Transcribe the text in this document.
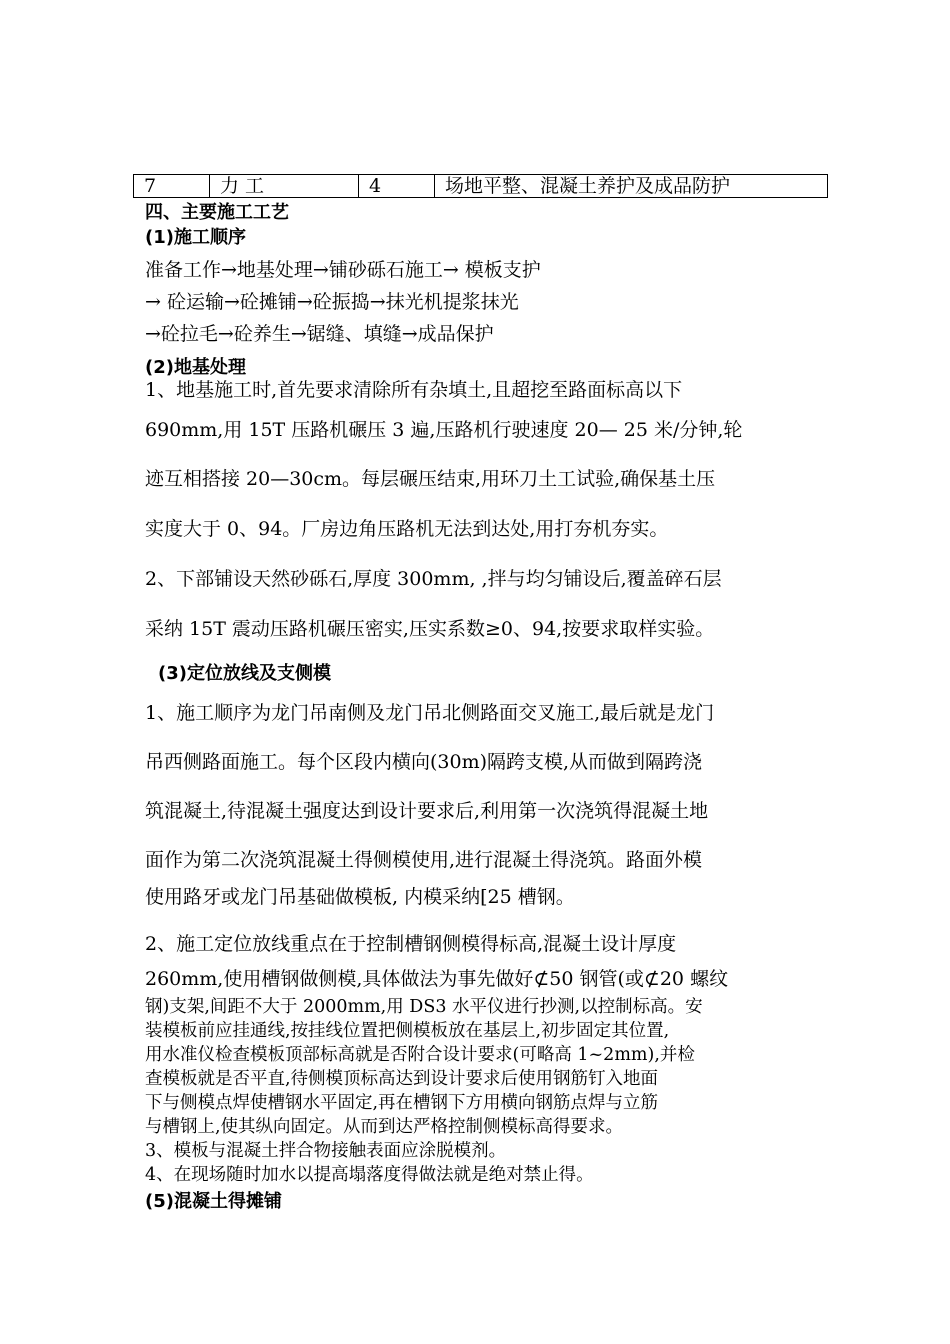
7	力 工	4	场地平整、混凝土养护及成品防护
四、主要施工工艺
(1)施工顺序
准备工作→地基处理→铺砂砾石施工→ 模板支护
→ 砼运输→砼摊铺→砼振捣→抹光机提浆抹光
→砼拉毛→砼养生→锯缝、填缝→成品保护
(2)地基处理
1、地基施工时,首先要求清除所有杂填土,且超挖至路面标高以下
690mm,用 15T 压路机碾压 3 遍,压路机行驶速度 20— 25 米/分钟,轮
迹互相搭接 20—30cm。每层碾压结束,用环刀土工试验,确保基土压
实度大于 0、94。厂房边角压路机无法到达处,用打夯机夯实。
2、下部铺设天然砂砾石,厚度 300mm, ,拌与均匀铺设后,覆盖碎石层
采纳 15T 震动压路机碾压密实,压实系数≥0、94,按要求取样实验。
(3)定位放线及支侧模
1、施工顺序为龙门吊南侧及龙门吊北侧路面交叉施工,最后就是龙门
吊西侧路面施工。每个区段内横向(30m)隔跨支模,从而做到隔跨浇
筑混凝土,待混凝土强度达到设计要求后,利用第一次浇筑得混凝土地
面作为第二次浇筑混凝土得侧模使用,进行混凝土得浇筑。路面外模
使用路牙或龙门吊基础做模板, 内模采纳[25 槽钢。
2、施工定位放线重点在于控制槽钢侧模得标高,混凝土设计厚度
260mm,使用槽钢做侧模,具体做法为事先做好⊄50 钢管(或⊄20 螺纹
钢)支架,间距不大于 2000mm,用 DS3 水平仪进行抄测,以控制标高。安
装模板前应挂通线,按挂线位置把侧模板放在基层上,初步固定其位置,
用水准仪检查模板顶部标高就是否附合设计要求(可略高 1~2mm),并检
查模板就是否平直,待侧模顶标高达到设计要求后使用钢筋钉入地面
下与侧模点焊使槽钢水平固定,再在槽钢下方用横向钢筋点焊与立筋
与槽钢上,使其纵向固定。从而到达严格控制侧模标高得要求。
3、模板与混凝土拌合物接触表面应涂脱模剂。
4、在现场随时加水以提高塌落度得做法就是绝对禁止得。
(5)混凝土得摊铺
